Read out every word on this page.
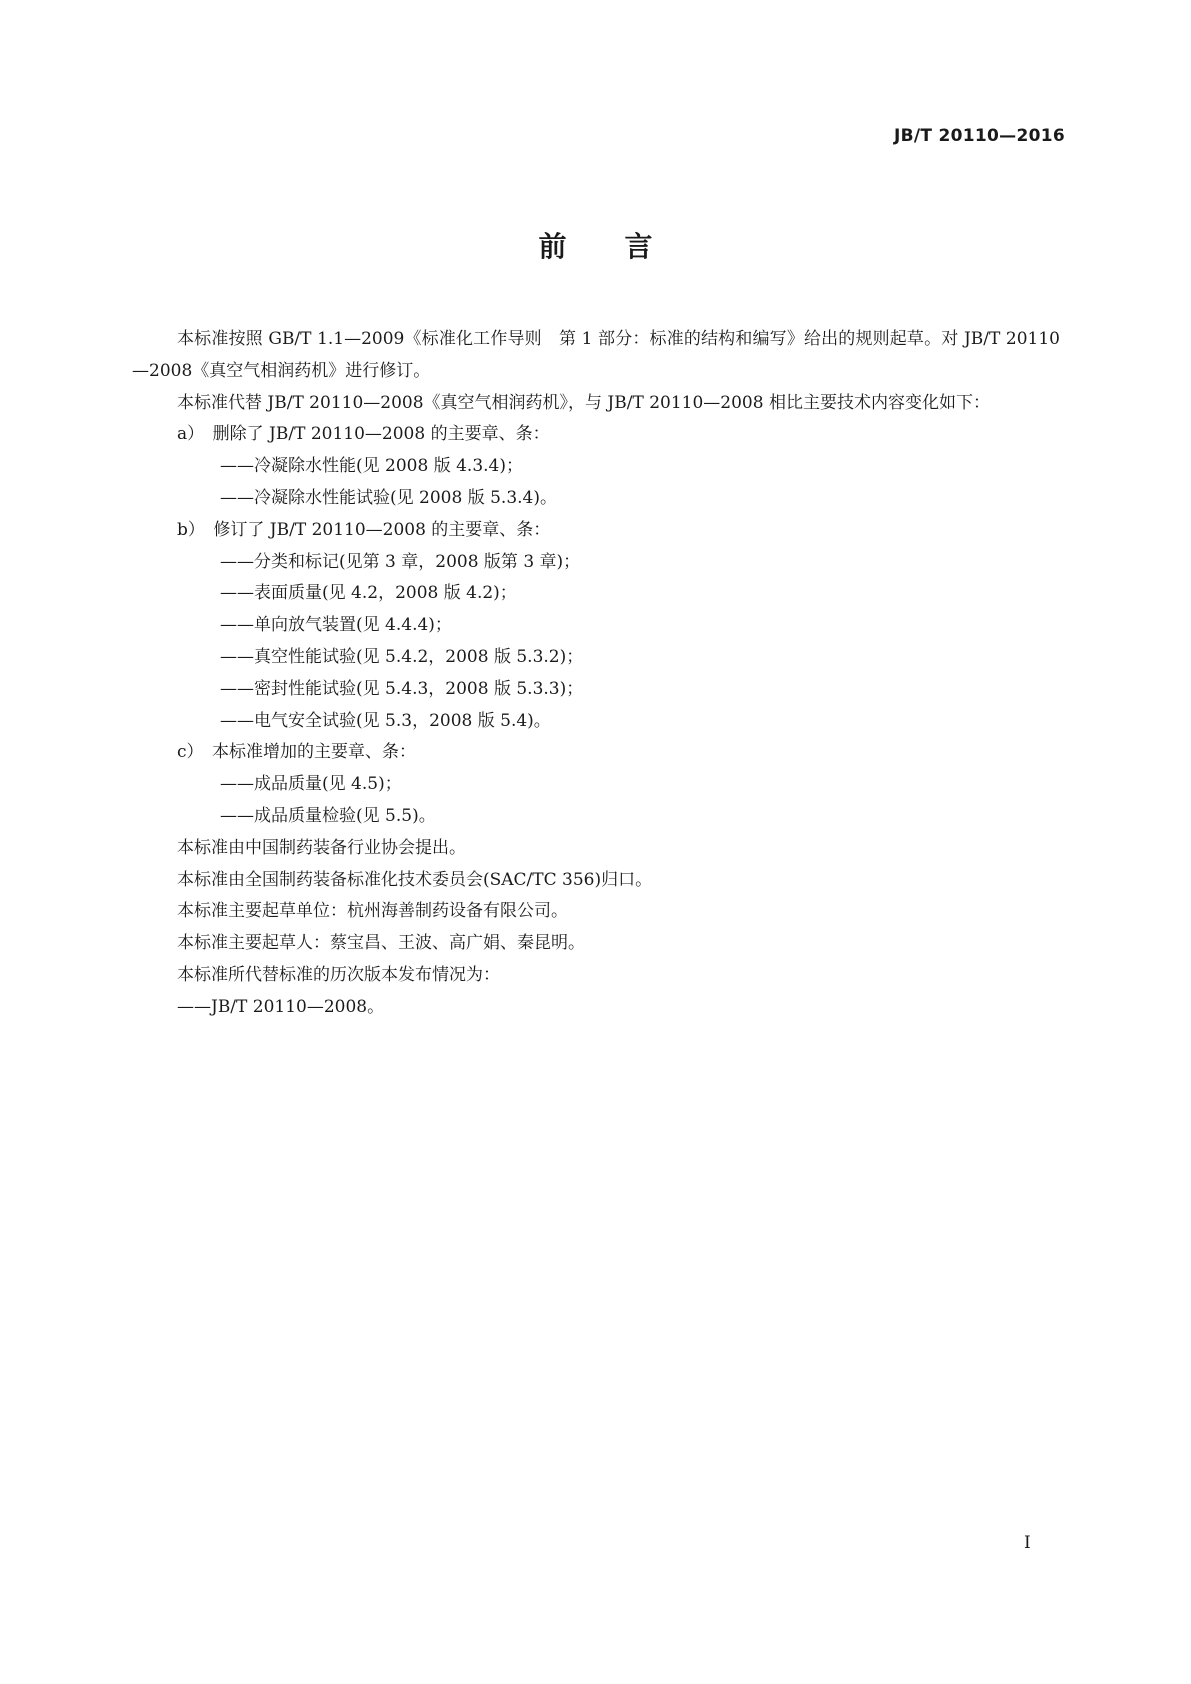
JB/T 20110—2016
前言

本标准按照 GB/T 1.1—2009《标准化工作导则　第 1 部分：标准的结构和编写》给出的规则起草。对 JB/T 20110—2008《真空气相润药机》进行修订。

本标准代替 JB/T 20110—2008《真空气相润药机》，与 JB/T 20110—2008 相比主要技术内容变化如下：

a）　删除了 JB/T 20110—2008 的主要章、条：

——冷凝除水性能(见 2008 版 4.3.4)；

——冷凝除水性能试验(见 2008 版 5.3.4)。

b）　修订了 JB/T 20110—2008 的主要章、条：

——分类和标记(见第 3 章，2008 版第 3 章)；

——表面质量(见 4.2，2008 版 4.2)；

——单向放气装置(见 4.4.4)；

——真空性能试验(见 5.4.2，2008 版 5.3.2)；

——密封性能试验(见 5.4.3，2008 版 5.3.3)；

——电气安全试验(见 5.3，2008 版 5.4)。

c）　本标准增加的主要章、条：

——成品质量(见 4.5)；

——成品质量检验(见 5.5)。

本标准由中国制药装备行业协会提出。

本标准由全国制药装备标准化技术委员会(SAC/TC 356)归口。

本标准主要起草单位：杭州海善制药设备有限公司。

本标准主要起草人：蔡宝昌、王波、高广娟、秦昆明。

本标准所代替标准的历次版本发布情况为：

——JB/T 20110—2008。

I
